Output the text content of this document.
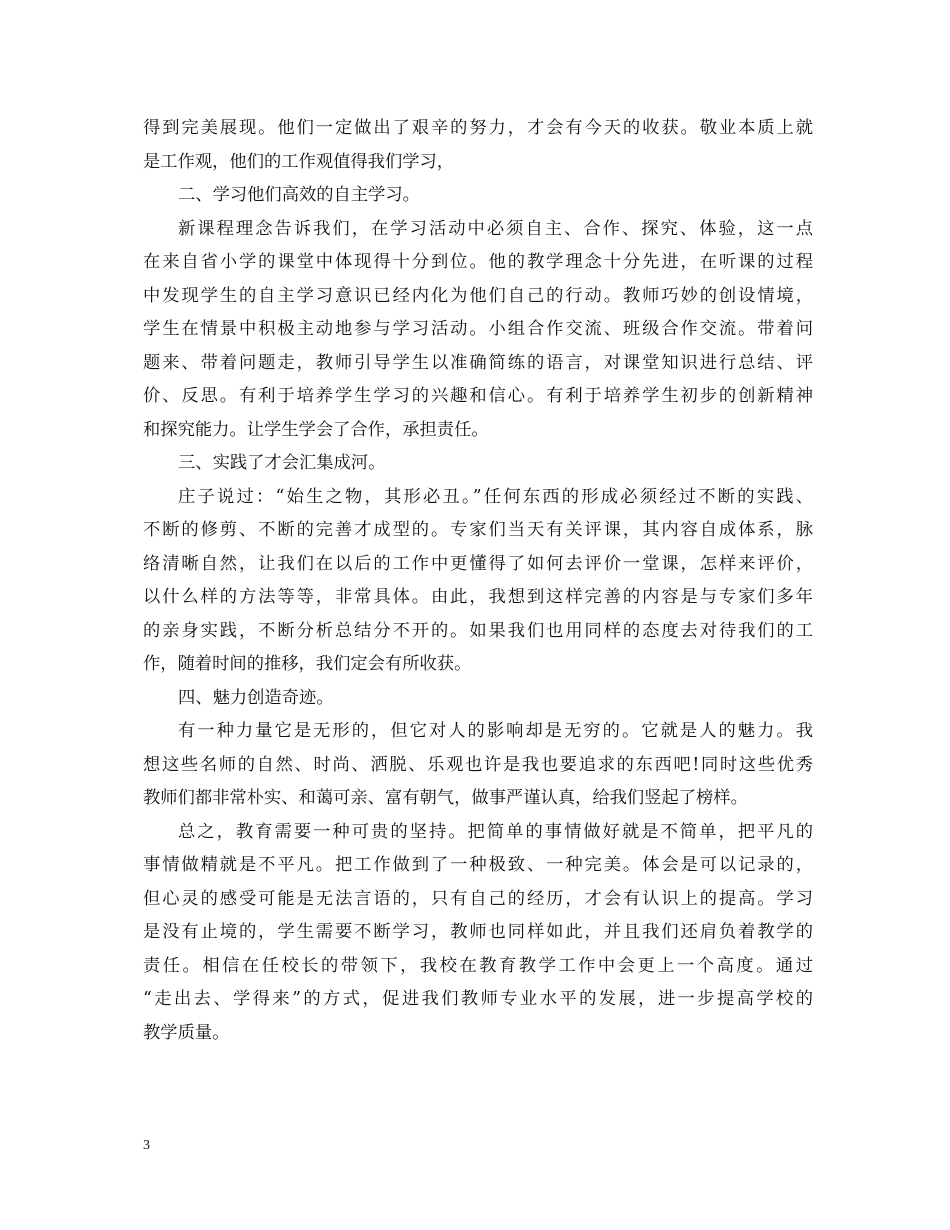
得到完美展现。他们一定做出了艰辛的努力，才会有今天的收获。敬业本质上就
是工作观，他们的工作观值得我们学习，
二、学习他们高效的自主学习。
新课程理念告诉我们，在学习活动中必须自主、合作、探究、体验，这一点
在来自省小学的课堂中体现得十分到位。他的教学理念十分先进，在听课的过程
中发现学生的自主学习意识已经内化为他们自己的行动。教师巧妙的创设情境，
学生在情景中积极主动地参与学习活动。小组合作交流、班级合作交流。带着问
题来、带着问题走，教师引导学生以准确简练的语言，对课堂知识进行总结、评
价、反思。有利于培养学生学习的兴趣和信心。有利于培养学生初步的创新精神
和探究能力。让学生学会了合作，承担责任。
三、实践了才会汇集成河。
庄子说过：“始生之物，其形必丑。”任何东西的形成必须经过不断的实践、
不断的修剪、不断的完善才成型的。专家们当天有关评课，其内容自成体系，脉
络清晰自然，让我们在以后的工作中更懂得了如何去评价一堂课，怎样来评价，
以什么样的方法等等，非常具体。由此，我想到这样完善的内容是与专家们多年
的亲身实践，不断分析总结分不开的。如果我们也用同样的态度去对待我们的工
作，随着时间的推移，我们定会有所收获。
四、魅力创造奇迹。
有一种力量它是无形的，但它对人的影响却是无穷的。它就是人的魅力。我
想这些名师的自然、时尚、洒脱、乐观也许是我也要追求的东西吧!同时这些优秀
教师们都非常朴实、和蔼可亲、富有朝气，做事严谨认真，给我们竖起了榜样。
总之，教育需要一种可贵的坚持。把简单的事情做好就是不简单，把平凡的
事情做精就是不平凡。把工作做到了一种极致、一种完美。体会是可以记录的，
但心灵的感受可能是无法言语的，只有自己的经历，才会有认识上的提高。学习
是没有止境的，学生需要不断学习，教师也同样如此，并且我们还肩负着教学的
责任。相信在任校长的带领下，我校在教育教学工作中会更上一个高度。通过
“走出去、学得来”的方式，促进我们教师专业水平的发展，进一步提高学校的
教学质量。
3
